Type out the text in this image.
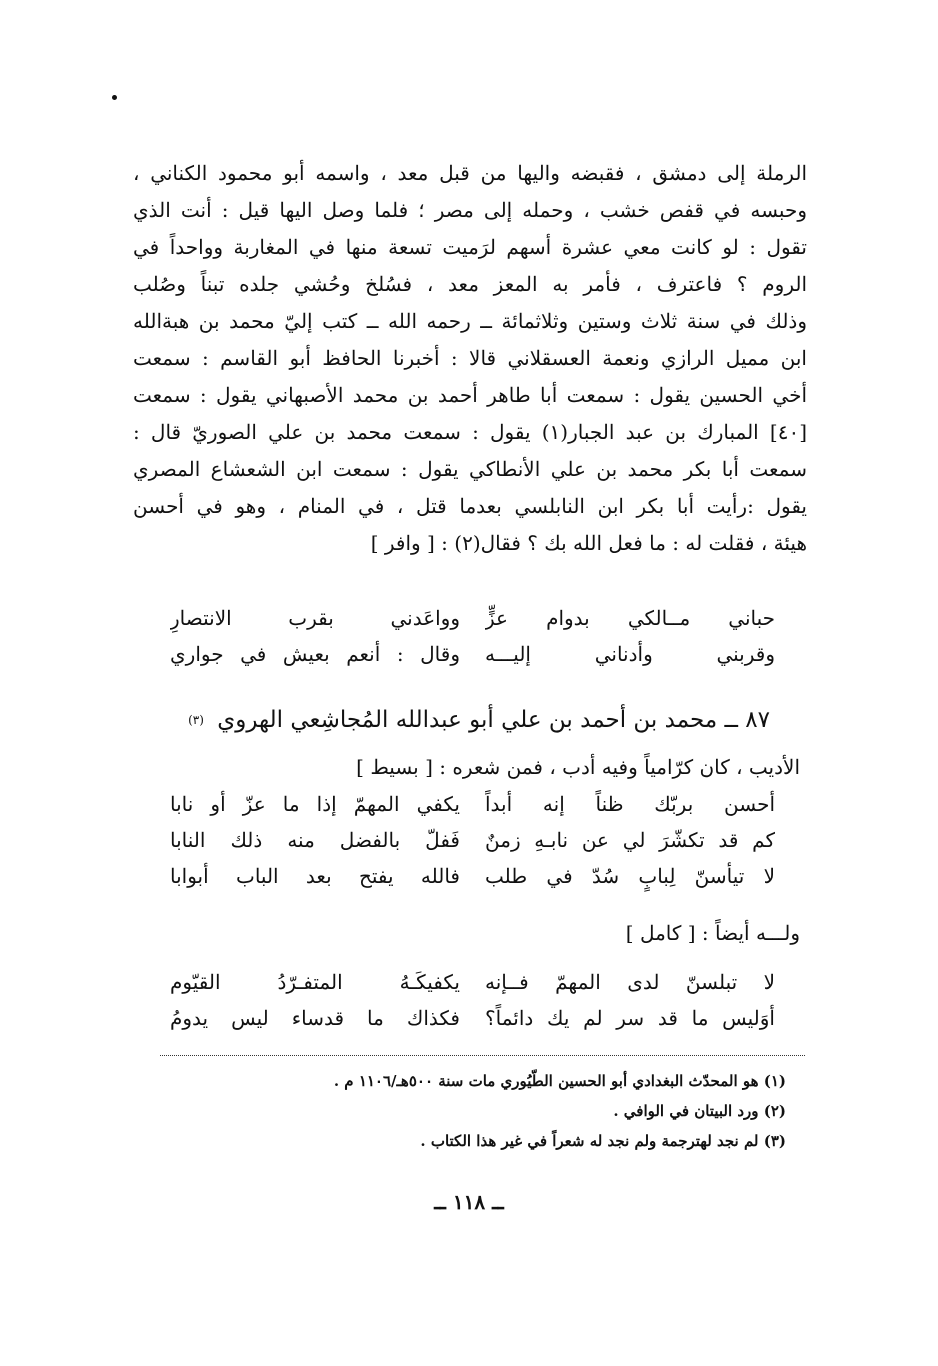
الرملة إلى دمشق ، فقبضه واليها من قبل معد ، واسمه أبو محمود الكناني ،
وحبسه في قفص خشب ، وحمله إلى مصر ؛ فلما وصل اليها قيل : أنت الذي
تقول : لو كانت معي عشرة أسهم لرَميت تسعة منها في المغاربة وواحداً في
الروم ؟ فاعترف ، فأمر به المعز معد ، فسُلخ وحُشي جلده تبناً وصُلب
وذلك في سنة ثلاث وستين وثلاثمائة ــ رحمه الله ــ كتب إليّ محمد بن هبةالله
ابن مميل الرازي ونعمة العسقلاني قالا : أخبرنا الحافظ أبو القاسم : سمعت
أخي الحسين يقول : سمعت أبا طاهر أحمد بن محمد الأصبهاني يقول : سمعت
[٤٠] المبارك بن عبد الجبار(١) يقول : سمعت محمد بن علي الصوريّ قال :
سمعت أبا بكر محمد بن علي الأنطاكي يقول : سمعت ابن الشعشاع المصري
يقول :رأيت أبا بكر ابن النابلسي بعدما قتل ، في المنام ، وهو في أحسن
هيئة ، فقلت له : ما فعل الله بك ؟ فقال(٢) : [ وافر ]
حباني مــالكي بدوام عزٍّ
وواعَدني بقرب الانتصارِ
وقربني وأدناني إليـــه
وقال : أنعم بعيش في جواري
٨٧ ــ محمد بن أحمد بن علي أبو عبدالله المُجاشِعي الهروي $^{(٣)}$
الأديب ، كان كرّامياً وفيه أدب ، فمن شعره : [ بسيط ]
أحسن بربّك ظناً إنه أبداً
يكفي المهمّ إذا ما عزّ أو نابا
كم قد تكشّرَ لي عن نابـهِ زمنٌ
فَفلّ بالفضل منه ذلك النابا
لا تيأسنّ لِبابٍ سُدّ في طلب
فالله يفتح بعد الباب أبوابا
ولـــه أيضاً : [ كامل ]
لا تبلسنّ لدى المهمّ فــإنه
يكفيكَـهُ المتفـرّدُ القيّوم
أوَليس ما قد سر لم يك دائماً؟
فكذاك ما قدساء ليس يدومُ
(١) هو المحدّث البغدادي أبو الحسين الطّيُوري مات سنة ٥٠٠هـ/١١٠٦ م .
(٢) ورد البيتان في الوافي .
(٣) لم نجد لهترجمة ولم نجد له شعراً في غير هذا الكتاب .
ــ ١١٨ ــ
